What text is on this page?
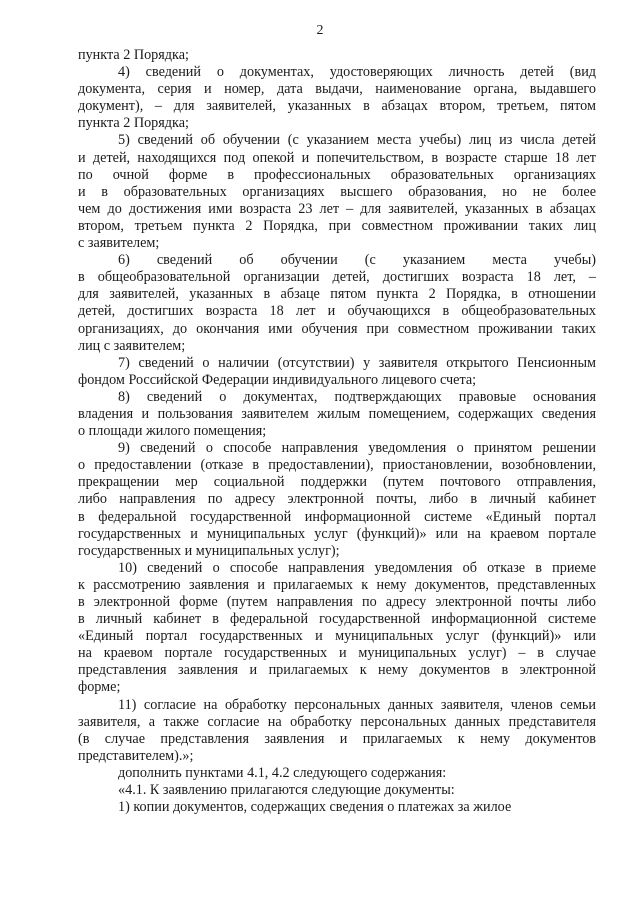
2

пункта 2 Порядка;

4) сведений о документах, удостоверяющих личность детей (вид
документа, серия и номер, дата выдачи, наименование органа, выдавшего
документ), – для заявителей, указанных в абзацах втором, третьем, пятом
пункта 2 Порядка;

5) сведений об обучении (с указанием места учебы) лиц из числа детей
и детей, находящихся под опекой и попечительством, в возрасте старше 18 лет
по очной форме в профессиональных образовательных организациях
и в образовательных организациях высшего образования, но не более
чем до достижения ими возраста 23 лет – для заявителей, указанных в абзацах
втором, третьем пункта 2 Порядка, при совместном проживании таких лиц
с заявителем;

6) сведений об обучении (с указанием места учебы)
в общеобразовательной организации детей, достигших возраста 18 лет, –
для заявителей, указанных в абзаце пятом пункта 2 Порядка, в отношении
детей, достигших возраста 18 лет и обучающихся в общеобразовательных
организациях, до окончания ими обучения при совместном проживании таких
лиц с заявителем;

7) сведений о наличии (отсутствии) у заявителя открытого Пенсионным
фондом Российской Федерации индивидуального лицевого счета;

8) сведений о документах, подтверждающих правовые основания
владения и пользования заявителем жилым помещением, содержащих сведения
о площади жилого помещения;

9) сведений о способе направления уведомления о принятом решении
о предоставлении (отказе в предоставлении), приостановлении, возобновлении,
прекращении мер социальной поддержки (путем почтового отправления,
либо направления по адресу электронной почты, либо в личный кабинет
в федеральной государственной информационной системе «Единый портал
государственных и муниципальных услуг (функций)» или на краевом портале
государственных и муниципальных услуг);

10) сведений о способе направления уведомления об отказе в приеме
к рассмотрению заявления и прилагаемых к нему документов, представленных
в электронной форме (путем направления по адресу электронной почты либо
в личный кабинет в федеральной государственной информационной системе
«Единый портал государственных и муниципальных услуг (функций)» или
на краевом портале государственных и муниципальных услуг) – в случае
представления заявления и прилагаемых к нему документов в электронной
форме;

11) согласие на обработку персональных данных заявителя, членов семьи
заявителя, а также согласие на обработку персональных данных представителя
(в случае представления заявления и прилагаемых к нему документов
представителем).»;

дополнить пунктами 4.1, 4.2 следующего содержания:

«4.1. К заявлению прилагаются следующие документы:

1) копии документов, содержащих сведения о платежах за жилое
